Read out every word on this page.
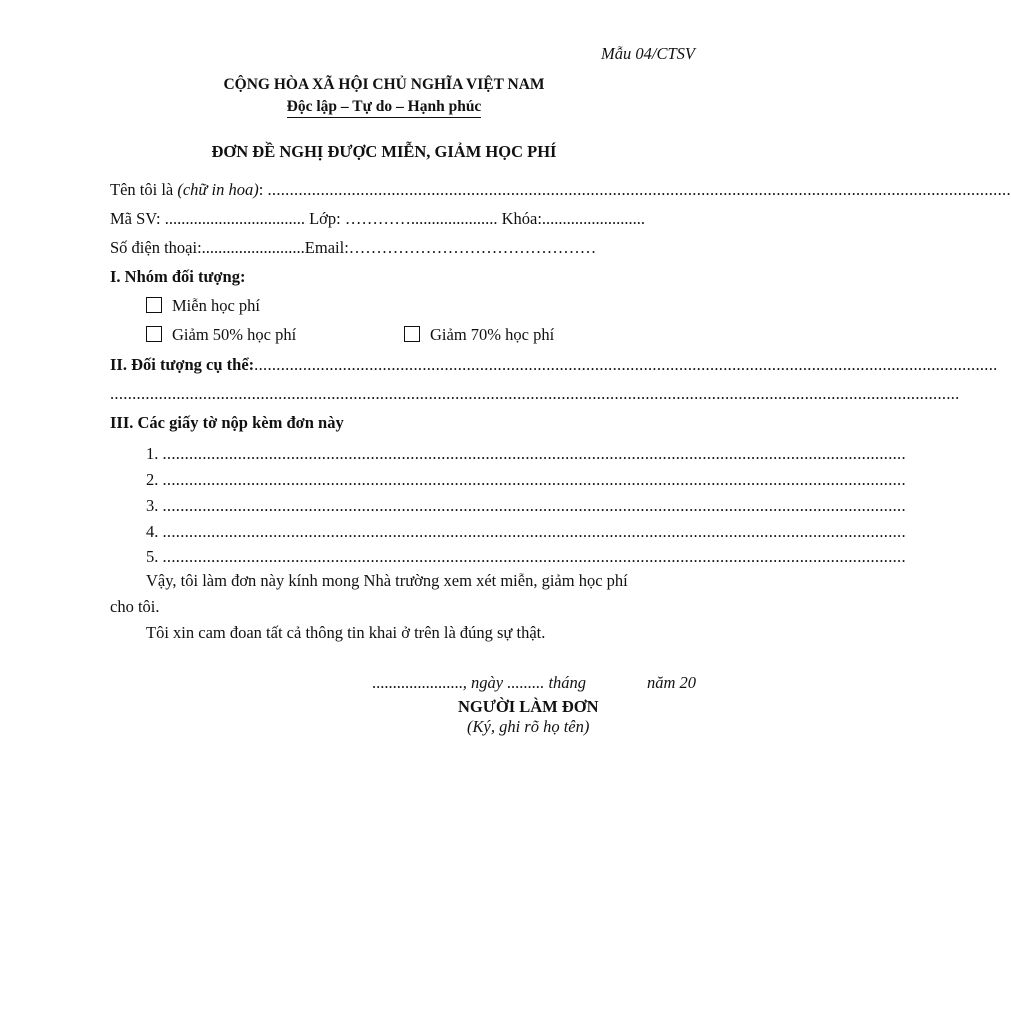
Mẫu 04/CTSV
CỘNG HÒA XÃ HỘI CHỦ NGHĨA VIỆT NAM
Độc lập – Tự do – Hạnh phúc
ĐƠN ĐỀ NGHỊ ĐƯỢC MIỄN, GIẢM HỌC PHÍ
Tên tôi là (chữ in hoa) : ........................................................................................................................................................................
Mã SV: .................................. Lớp: …………..................... Khóa:.........................
Số điện thoại:.........................Email:………………………………………
I. Nhóm đối tượng:
Miễn học phí
Giảm 50% học phí	Giảm 70% học phí
II. Đối tượng cụ thể: ........................................................................................................................................................................
................................................................................................................................................................................................
III. Các giấy tờ nộp kèm đơn này
1. ........................................................................................................................................................................
2. ........................................................................................................................................................................
3. ........................................................................................................................................................................
4. ........................................................................................................................................................................
5. ........................................................................................................................................................................
Vậy, tôi làm đơn này kính mong Nhà trường xem xét miễn, giảm học phí
cho tôi.
Tôi xin cam đoan tất cả thông tin khai ở trên là đúng sự thật.
......................, ngày ......... tháng	năm 20
NGƯỜI LÀM ĐƠN
(Ký, ghi rõ họ tên)
